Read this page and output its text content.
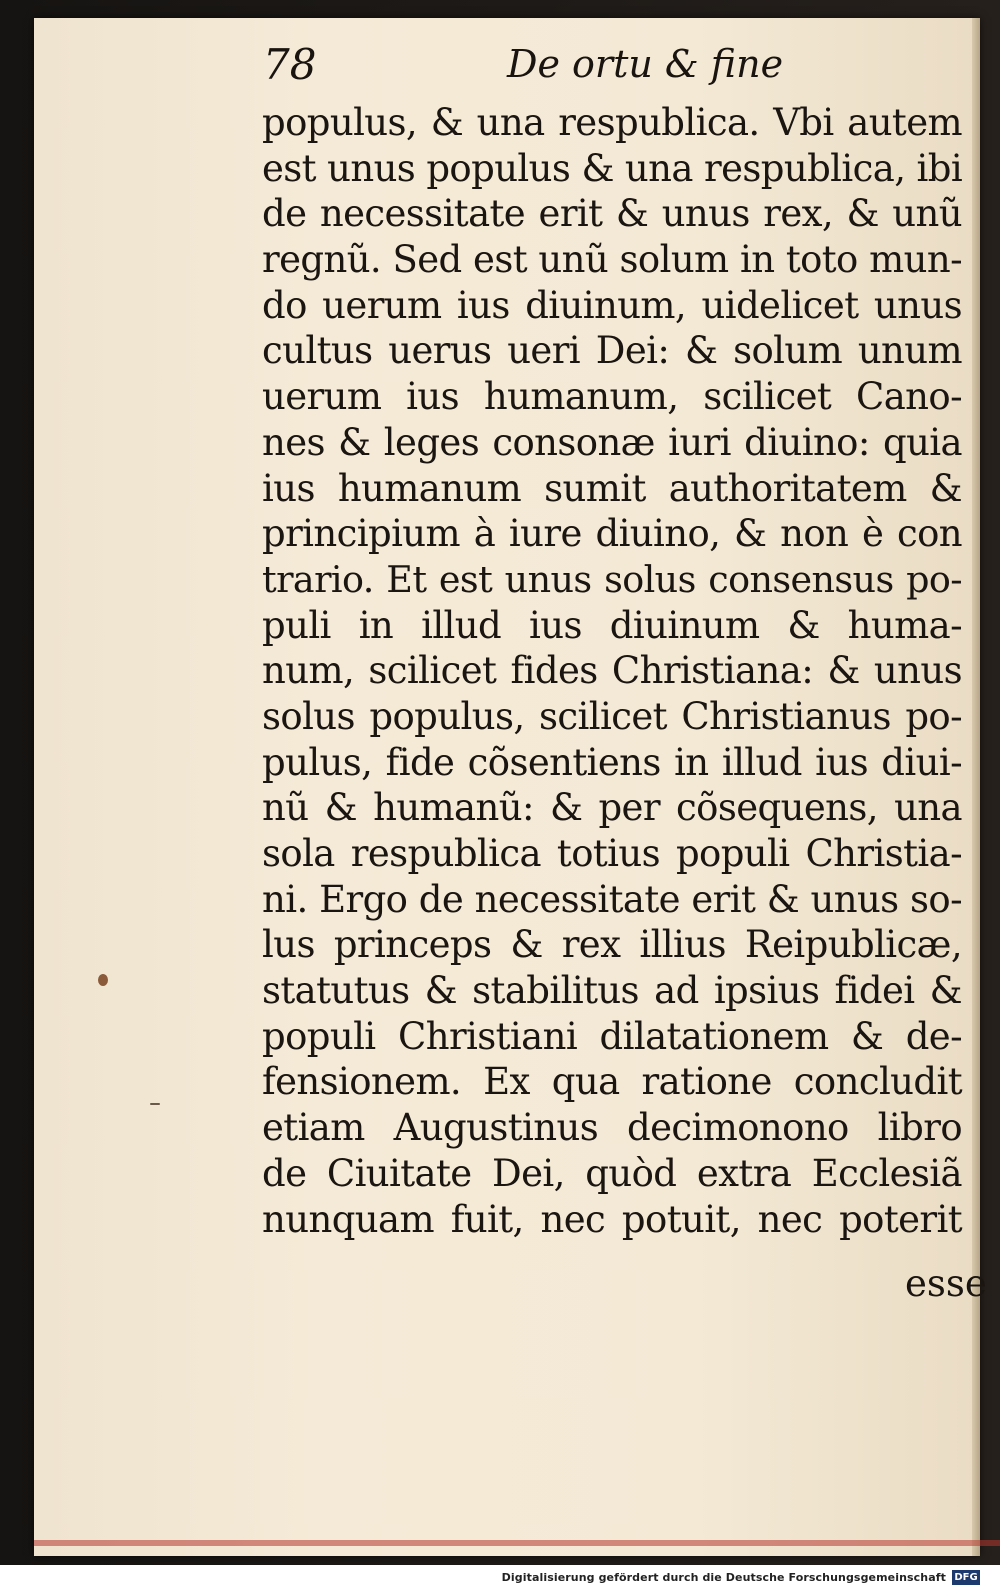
78	De ortu & fine
populus, & una respublica. Vbi autem
est unus populus & una respublica, ibi
de necessitate erit & unus rex, & unũ
regnũ. Sed est unũ solum in toto mun-
do uerum ius diuinum, uidelicet unus
cultus uerus ueri Dei: & solum unum
uerum ius humanum, scilicet Cano-
nes & leges consonæ iuri diuino: quia
ius humanum sumit authoritatem &
principium à iure diuino, & non è con
trario. Et est unus solus consensus po-
puli in illud ius diuinum & huma-
num, scilicet fides Christiana: & unus
solus populus, scilicet Christianus po-
pulus, fide cõsentiens in illud ius diui-
nũ & humanũ: & per cõsequens, una
sola respublica totius populi Christia-
ni. Ergo de necessitate erit & unus so-
lus princeps & rex illius Reipublicæ,
statutus & stabilitus ad ipsius fidei &
populi Christiani dilatationem & de-
fensionem. Ex qua ratione concludit
etiam Augustinus decimonono libro
de Ciuitate Dei, quòd extra Ecclesiã
nunquam fuit, nec potuit, nec poterit
esse
Digitalisierung gefördert durch die Deutsche Forschungsgemeinschaft DFG
